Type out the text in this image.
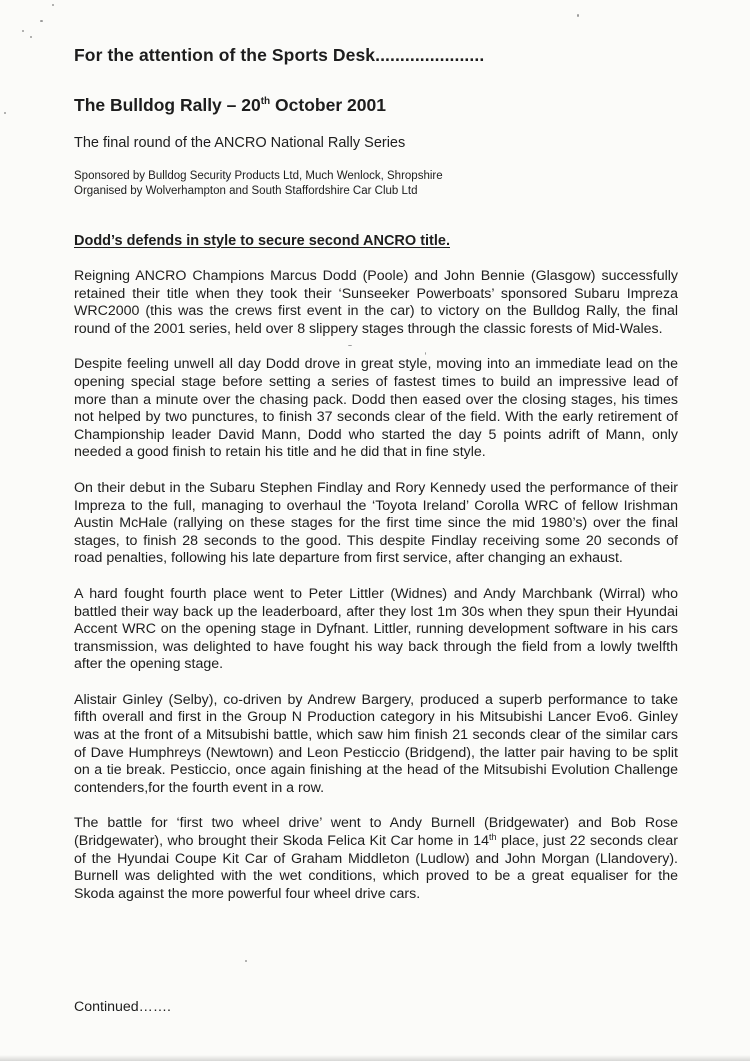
For the attention of the Sports Desk......................
The Bulldog Rally – 20th October 2001
The final round of the ANCRO National Rally Series
Sponsored by Bulldog Security Products Ltd, Much Wenlock, Shropshire
Organised by Wolverhampton and South Staffordshire Car Club Ltd
Dodd’s defends in style to secure second ANCRO title.

Reigning ANCRO Champions Marcus Dodd (Poole) and John Bennie (Glasgow) successfully retained their title when they took their ‘Sunseeker Powerboats’ sponsored Subaru Impreza WRC2000 (this was the crews first event in the car) to victory on the Bulldog Rally, the final round of the 2001 series, held over 8 slippery stages through the classic forests of Mid-Wales.

Despite feeling unwell all day Dodd drove in great style, moving into an immediate lead on the opening special stage before setting a series of fastest times to build an impressive lead of more than a minute over the chasing pack. Dodd then eased over the closing stages, his times not helped by two punctures, to finish 37 seconds clear of the field. With the early retirement of Championship leader David Mann, Dodd who started the day 5 points adrift of Mann, only needed a good finish to retain his title and he did that in fine style.

On their debut in the Subaru Stephen Findlay and Rory Kennedy used the performance of their Impreza to the full, managing to overhaul the ‘Toyota Ireland’ Corolla WRC of fellow Irishman Austin McHale (rallying on these stages for the first time since the mid 1980’s) over the final stages, to finish 28 seconds to the good. This despite Findlay receiving some 20 seconds of road penalties, following his late departure from first service, after changing an exhaust.

A hard fought fourth place went to Peter Littler (Widnes) and Andy Marchbank (Wirral) who battled their way back up the leaderboard, after they lost 1m 30s when they spun their Hyundai Accent WRC on the opening stage in Dyfnant. Littler, running development software in his cars transmission, was delighted to have fought his way back through the field from a lowly twelfth after the opening stage.

Alistair Ginley (Selby), co-driven by Andrew Bargery, produced a superb performance to take fifth overall and first in the Group N Production category in his Mitsubishi Lancer Evo6. Ginley was at the front of a Mitsubishi battle, which saw him finish 21 seconds clear of the similar cars of Dave Humphreys (Newtown) and Leon Pesticcio (Bridgend), the latter pair having to be split on a tie break. Pesticcio, once again finishing at the head of the Mitsubishi Evolution Challenge contenders,for the fourth event in a row.

The battle for ‘first two wheel drive’ went to Andy Burnell (Bridgewater) and Bob Rose (Bridgewater), who brought their Skoda Felica Kit Car home in 14th place, just 22 seconds clear of the Hyundai Coupe Kit Car of Graham Middleton (Ludlow) and John Morgan (Llandovery). Burnell was delighted with the wet conditions, which proved to be a great equaliser for the Skoda against the more powerful four wheel drive cars.

Continued…….
